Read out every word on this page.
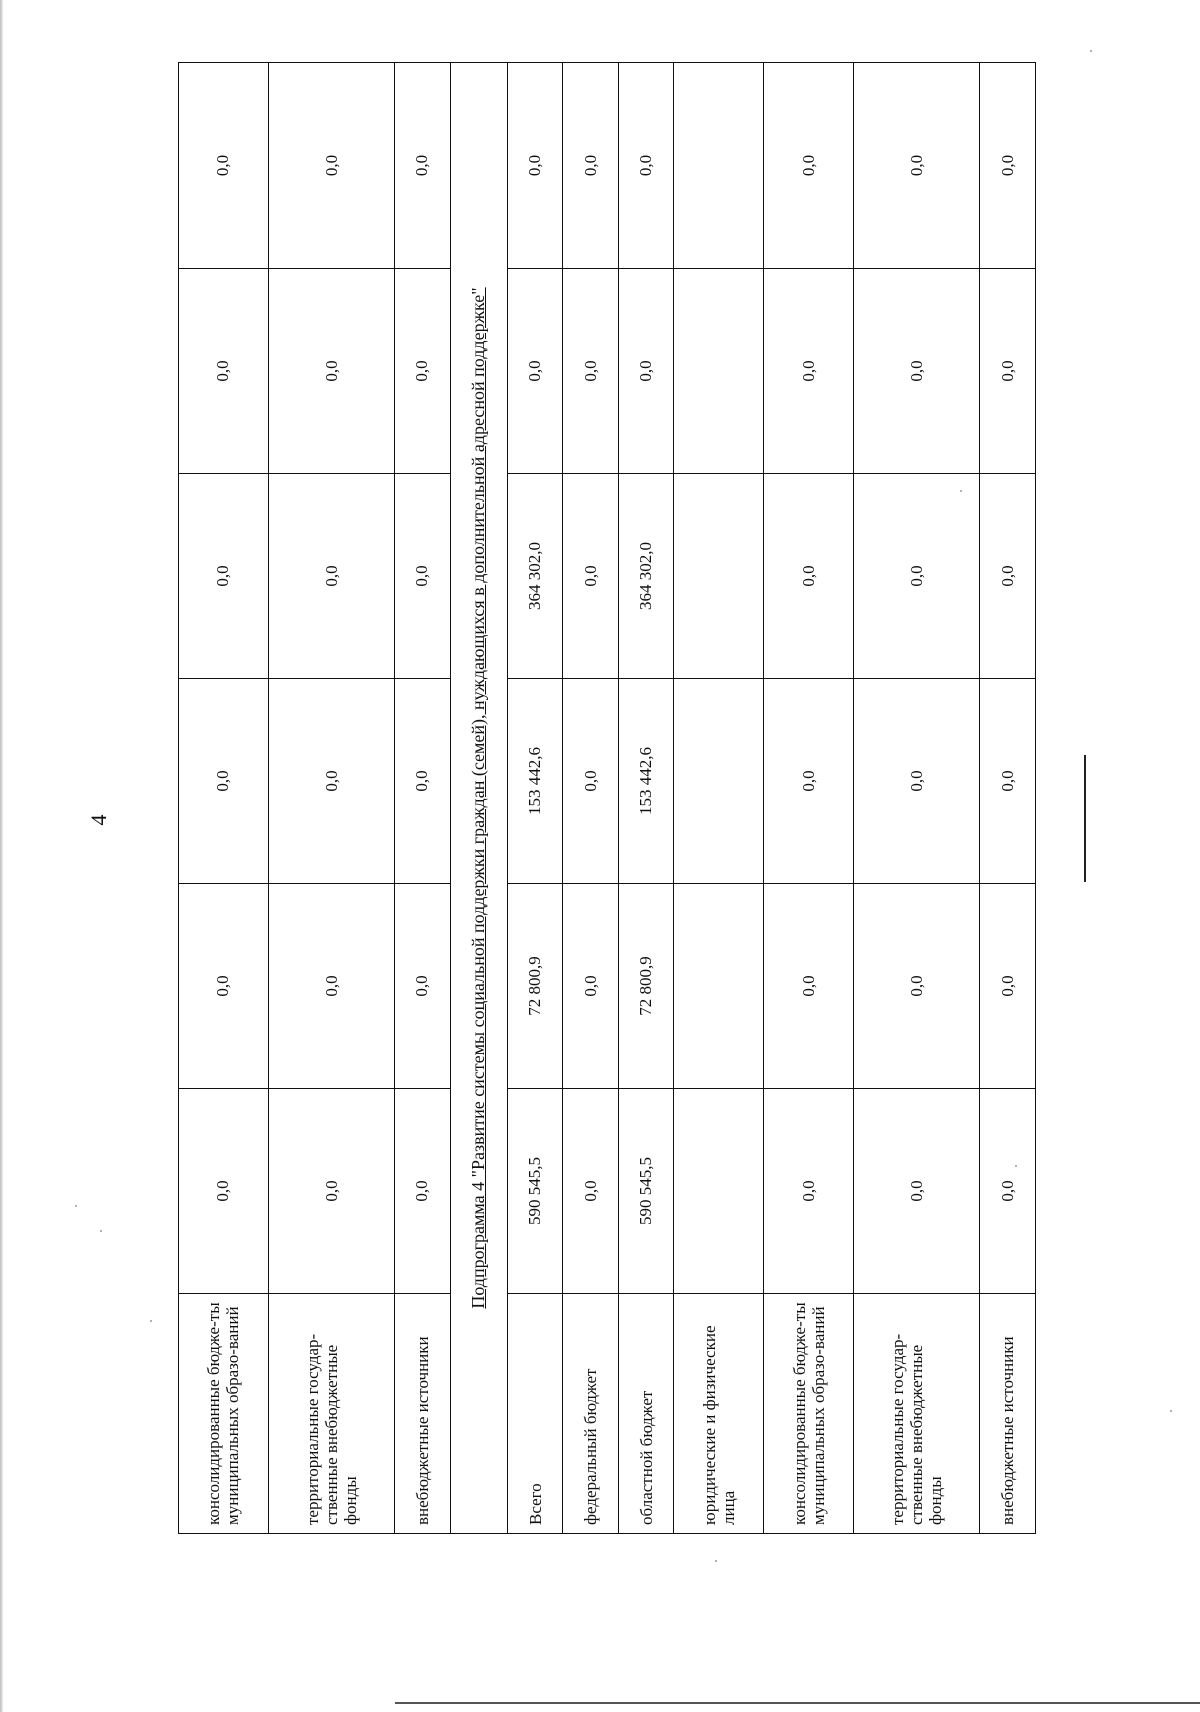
4
консолидированные бюдже-ты муниципальных образо-ваний	0,0	0,0	0,0	0,0	0,0	0,0
территориальные государ-ственные внебюджетные фонды	0,0	0,0	0,0	0,0	0,0	0,0
внебюджетные источники	0,0	0,0	0,0	0,0	0,0	0,0
Подпрограмма 4 "Развитие системы социальной поддержки граждан (семей), нуждающихся в дополнительной адресной поддержке"						
Всего	590 545,5	72 800,9	153 442,6	364 302,0	0,0	0,0
федеральный бюджет	0,0	0,0	0,0	0,0	0,0	0,0
областной бюджет	590 545,5	72 800,9	153 442,6	364 302,0	0,0	0,0
юридические и физические лица						
консолидированные бюдже-ты муниципальных образо-ваний	0,0	0,0	0,0	0,0	0,0	0,0
территориальные государ-ственные внебюджетные фонды	0,0	0,0	0,0	0,0	0,0	0,0
внебюджетные источники	0,0	0,0	0,0	0,0	0,0	0,0
